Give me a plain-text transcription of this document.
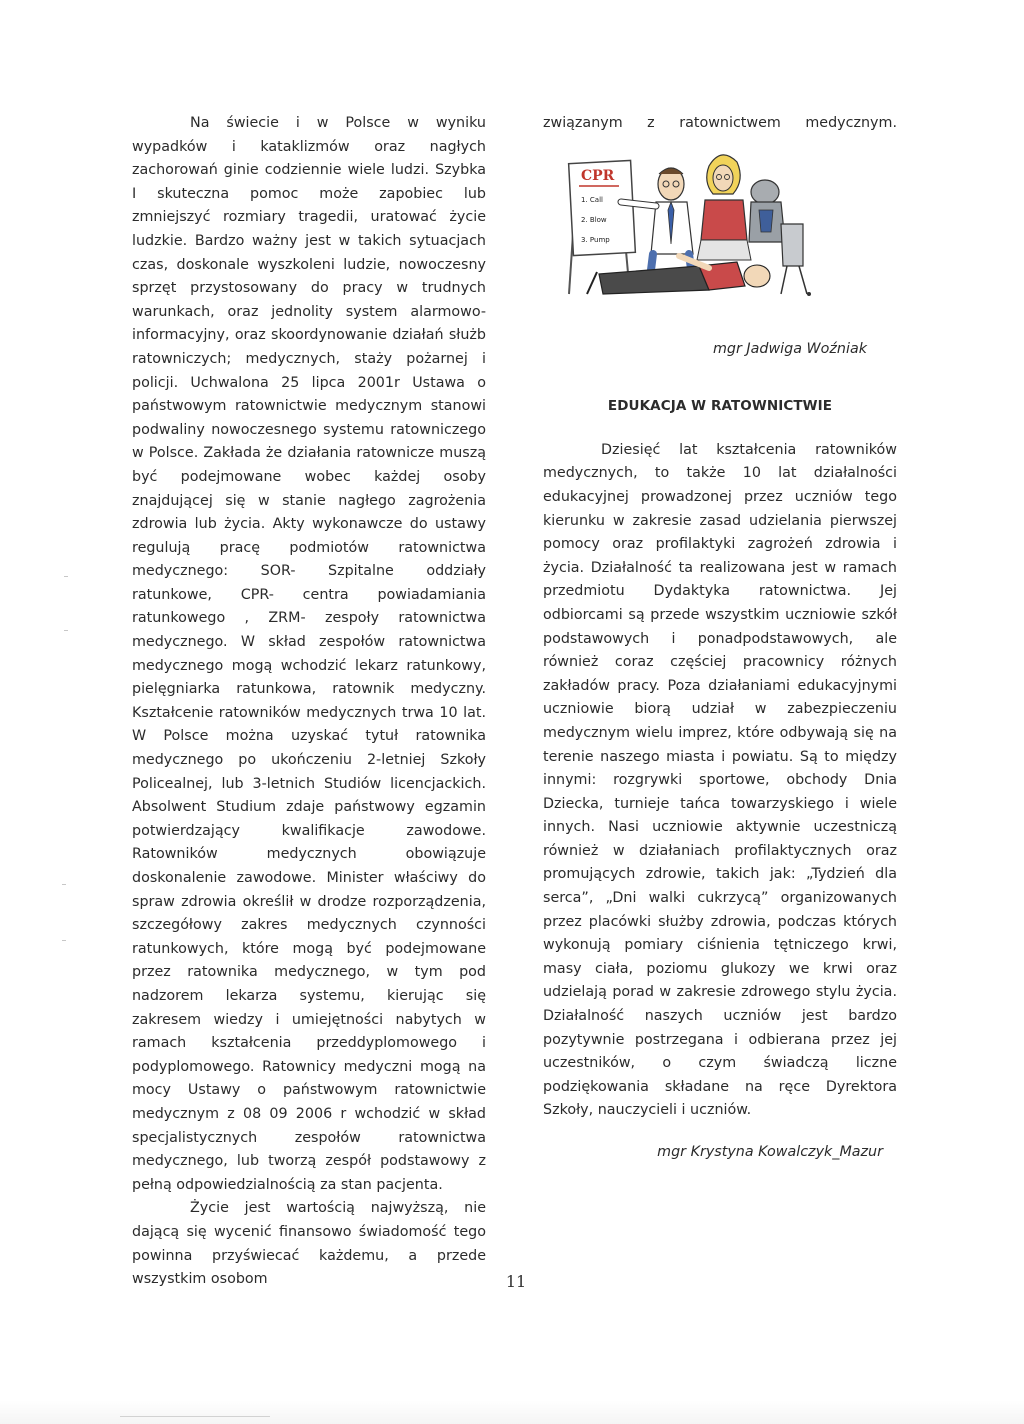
Na świecie i w Polsce w wyniku wypadków i kataklizmów oraz nagłych zachorowań ginie codziennie wiele ludzi. Szybka I skuteczna pomoc może zapobiec lub zmniejszyć rozmiary tragedii, uratować życie ludzkie. Bardzo ważny jest w takich sytuacjach czas, doskonale wyszkoleni ludzie, nowoczesny sprzęt przystosowany do pracy w trudnych warunkach, oraz jednolity system alarmowo-informacyjny, oraz skoordynowanie działań służb ratowniczych; medycznych, staży pożarnej i policji. Uchwalona 25 lipca 2001r Ustawa o państwowym ratownictwie medycznym stanowi podwaliny nowoczesnego systemu ratowniczego w Polsce. Zakłada że działania ratownicze muszą być podejmowane wobec każdej osoby znajdującej się w stanie nagłego zagrożenia zdrowia lub życia. Akty wykonawcze do ustawy regulują pracę podmiotów ratownictwa medycznego: SOR- Szpitalne oddziały ratunkowe, CPR- centra powiadamiania ratunkowego , ZRM- zespoły ratownictwa medycznego. W skład zespołów ratownictwa medycznego mogą wchodzić lekarz ratunkowy, pielęgniarka ratunkowa, ratownik medyczny. Kształcenie ratowników medycznych trwa 10 lat. W Polsce można uzyskać tytuł ratownika medycznego po ukończeniu 2-letniej Szkoły Policealnej, lub 3-letnich Studiów licencjackich. Absolwent Studium zdaje państwowy egzamin potwierdzający kwalifikacje zawodowe. Ratowników medycznych obowiązuje doskonalenie zawodowe. Minister właściwy do spraw zdrowia określił w drodze rozporządzenia, szczegółowy zakres medycznych czynności ratunkowych, które mogą być podejmowane przez ratownika medycznego, w tym pod nadzorem lekarza systemu, kierując się zakresem wiedzy i umiejętności nabytych w ramach kształcenia przeddyplomowego i podyplomowego. Ratownicy medyczni mogą na mocy Ustawy o państwowym ratownictwie medycznym z 08 09 2006 r wchodzić w skład specjalistycznych zespołów ratownictwa medycznego, lub tworzą zespół podstawowy z pełną odpowiedzialnością za stan pacjenta.

Życie jest wartością najwyższą, nie dającą się wycenić finansowo świadomość tego powinna przyświecać każdemu, a przede wszystkim osobom

związanym z ratownictwem medycznym.

CPR
1. Call
2. Blow
3. Pump

mgr Jadwiga Woźniak

EDUKACJA W RATOWNICTWIE

Dziesięć lat kształcenia ratowników medycznych, to także 10 lat działalności edukacyjnej prowadzonej przez uczniów tego kierunku w zakresie zasad udzielania pierwszej pomocy oraz profilaktyki zagrożeń zdrowia i życia. Działalność ta realizowana jest w ramach przedmiotu Dydaktyka ratownictwa. Jej odbiorcami są przede wszystkim uczniowie szkół podstawowych i ponadpodstawowych, ale również coraz częściej pracownicy różnych zakładów pracy. Poza działaniami edukacyjnymi uczniowie biorą udział w zabezpieczeniu medycznym wielu imprez, które odbywają się na terenie naszego miasta i powiatu. Są to między innymi: rozgrywki sportowe, obchody Dnia Dziecka, turnieje tańca towarzyskiego i wiele innych. Nasi uczniowie aktywnie uczestniczą również w działaniach profilaktycznych oraz promujących zdrowie, takich jak: „Tydzień dla serca”, „Dni walki cukrzycą” organizowanych przez placówki służby zdrowia, podczas których wykonują pomiary ciśnienia tętniczego krwi, masy ciała, poziomu glukozy we krwi oraz udzielają porad w zakresie zdrowego stylu życia. Działalność naszych uczniów jest bardzo pozytywnie postrzegana i odbierana przez jej uczestników, o czym świadczą liczne podziękowania składane na ręce Dyrektora Szkoły, nauczycieli i uczniów.

mgr Krystyna Kowalczyk_Mazur

11
